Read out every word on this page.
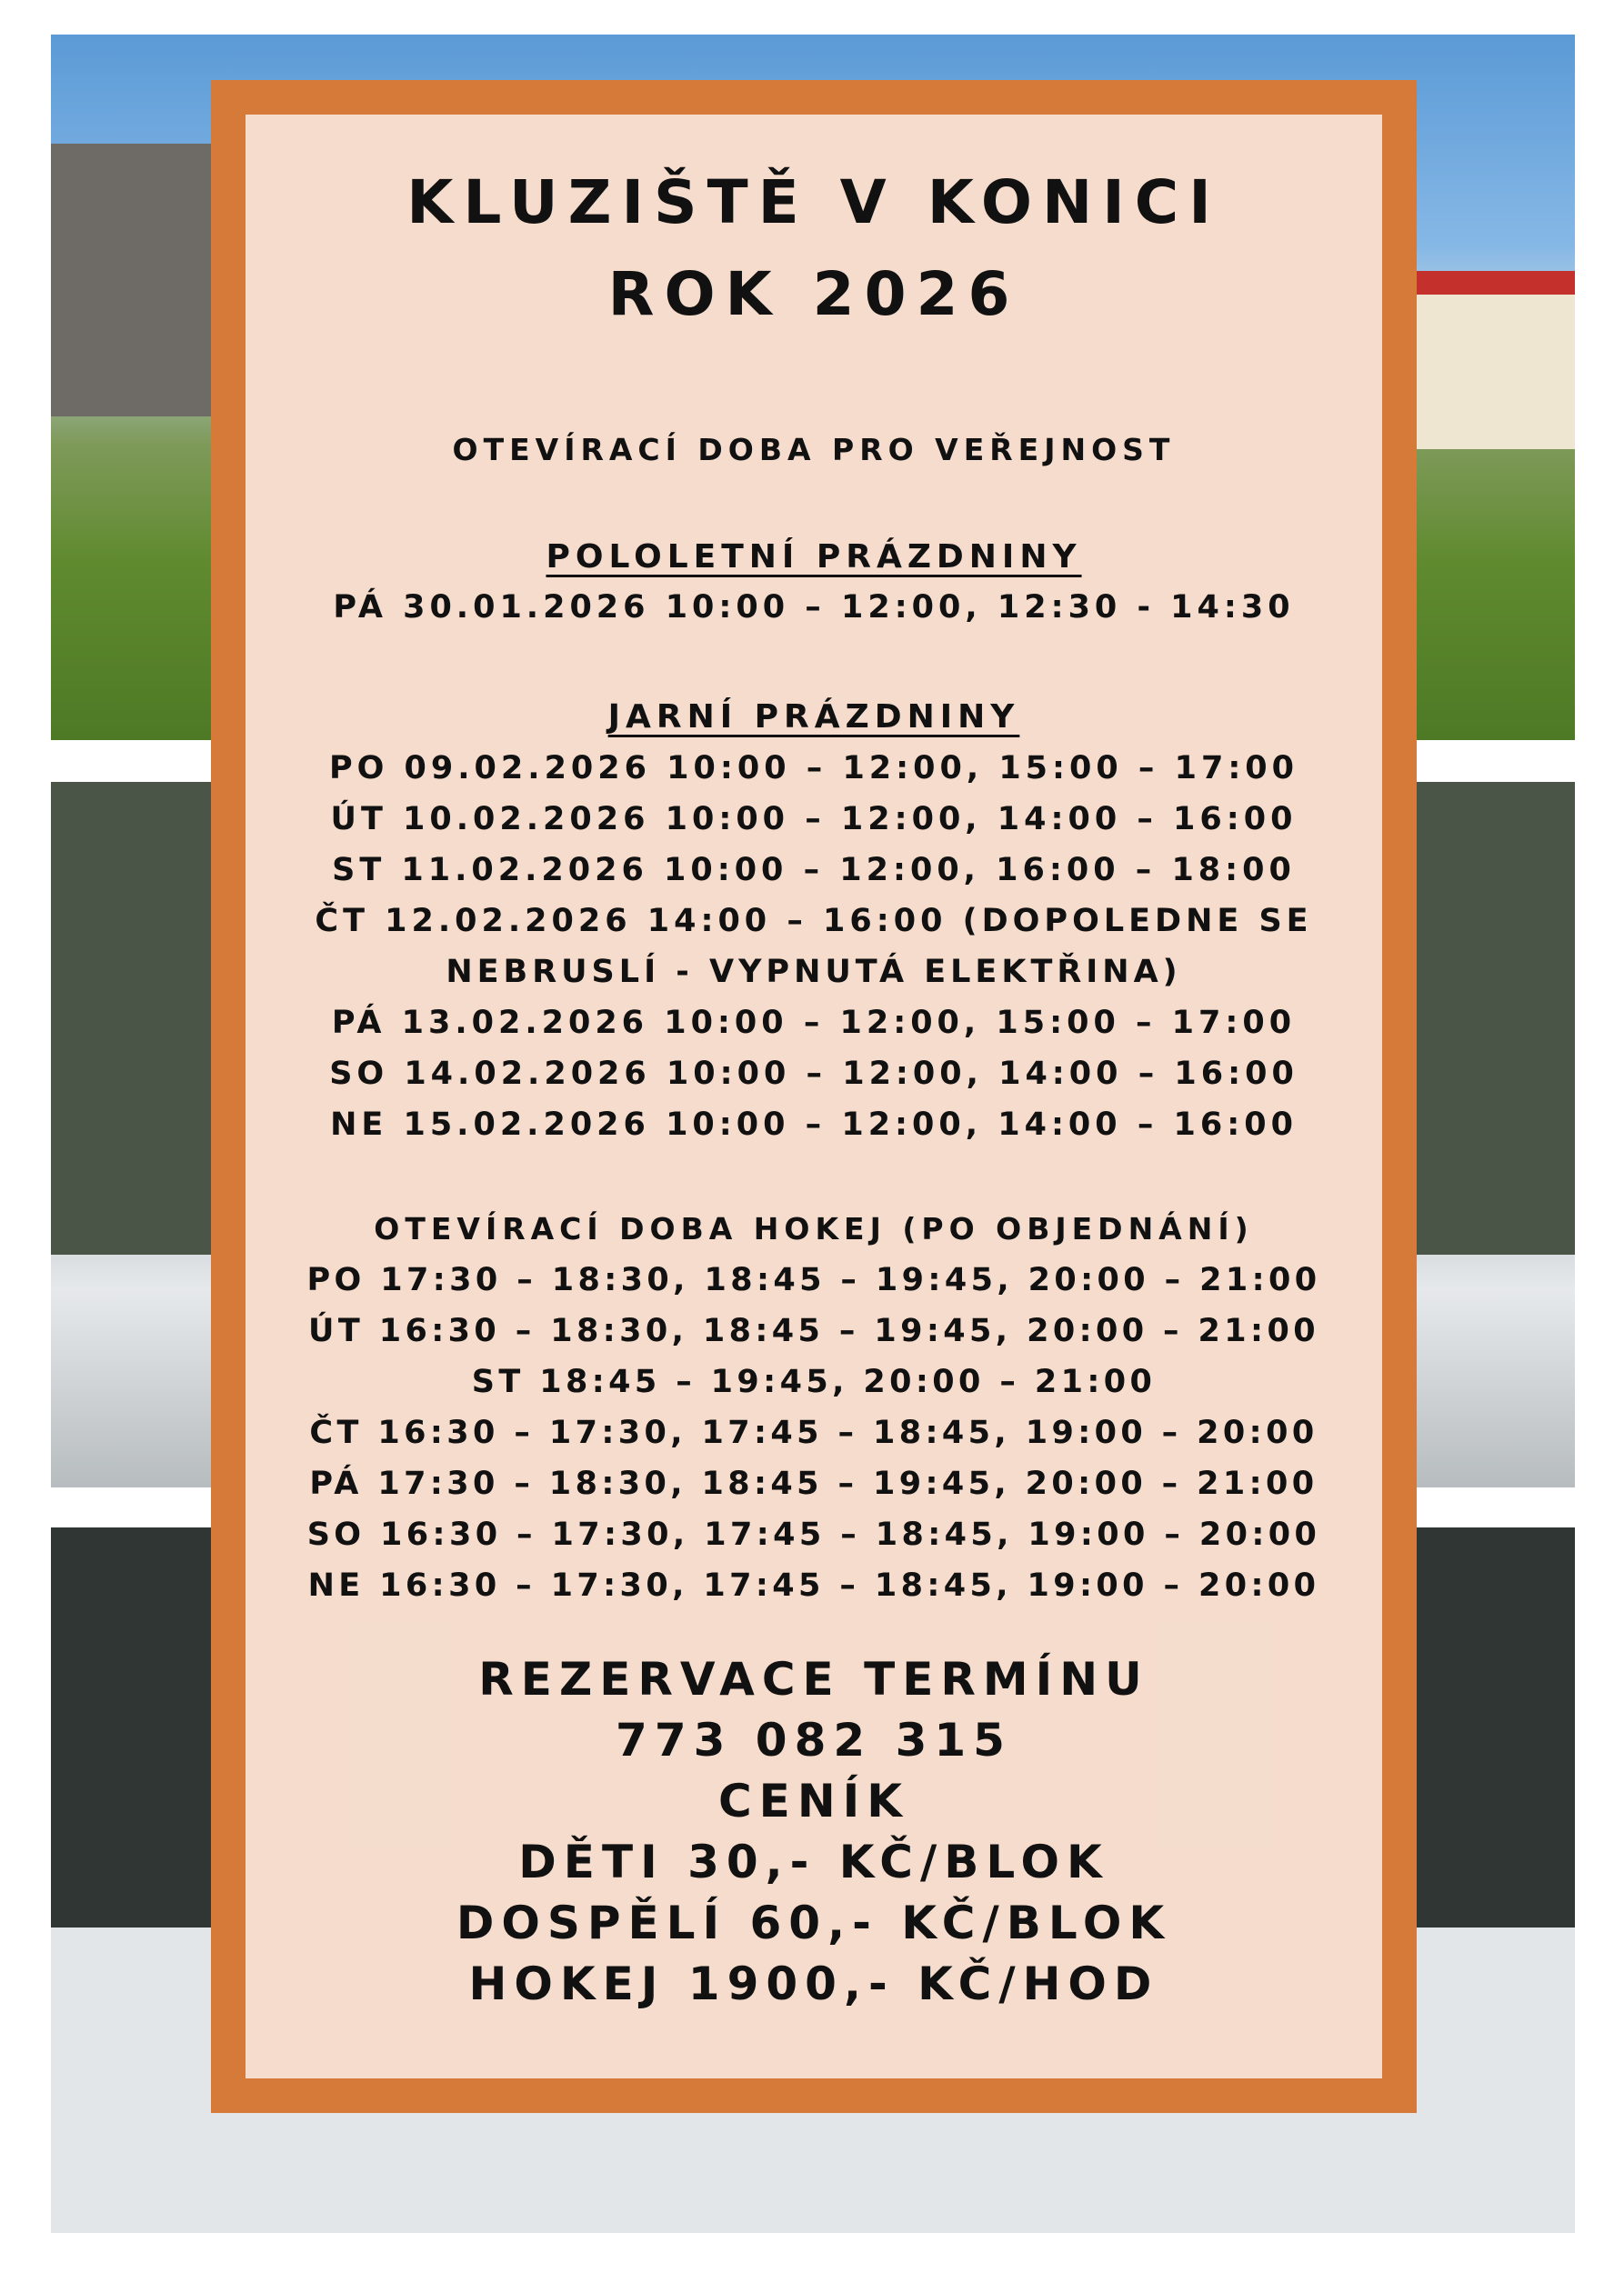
KLUZIŠTĚ V KONICI
ROK 2026
OTEVÍRACÍ DOBA PRO VEŘEJNOST
POLOLETNÍ PRÁZDNINY
PÁ 30.01.2026 10:00 – 12:00, 12:30 - 14:30
JARNÍ PRÁZDNINY
PO 09.02.2026 10:00 – 12:00, 15:00 – 17:00
ÚT 10.02.2026 10:00 – 12:00, 14:00 – 16:00
ST 11.02.2026 10:00 – 12:00, 16:00 – 18:00
ČT 12.02.2026 14:00 – 16:00 (DOPOLEDNE SE
NEBRUSLÍ - VYPNUTÁ ELEKTŘINA)
PÁ 13.02.2026 10:00 – 12:00, 15:00 – 17:00
SO 14.02.2026 10:00 – 12:00, 14:00 – 16:00
NE 15.02.2026 10:00 – 12:00, 14:00 – 16:00
OTEVÍRACÍ DOBA HOKEJ (PO OBJEDNÁNÍ)
PO 17:30 – 18:30, 18:45 – 19:45, 20:00 – 21:00
ÚT 16:30 – 18:30, 18:45 – 19:45, 20:00 – 21:00
ST 18:45 – 19:45, 20:00 – 21:00
ČT 16:30 – 17:30, 17:45 – 18:45, 19:00 – 20:00
PÁ 17:30 – 18:30, 18:45 – 19:45, 20:00 – 21:00
SO 16:30 – 17:30, 17:45 – 18:45, 19:00 – 20:00
NE 16:30 – 17:30, 17:45 – 18:45, 19:00 – 20:00
REZERVACE TERMÍNU
773 082 315
CENÍK
DĚTI 30,- KČ/BLOK
DOSPĚLÍ 60,- KČ/BLOK
HOKEJ 1900,- KČ/HOD
